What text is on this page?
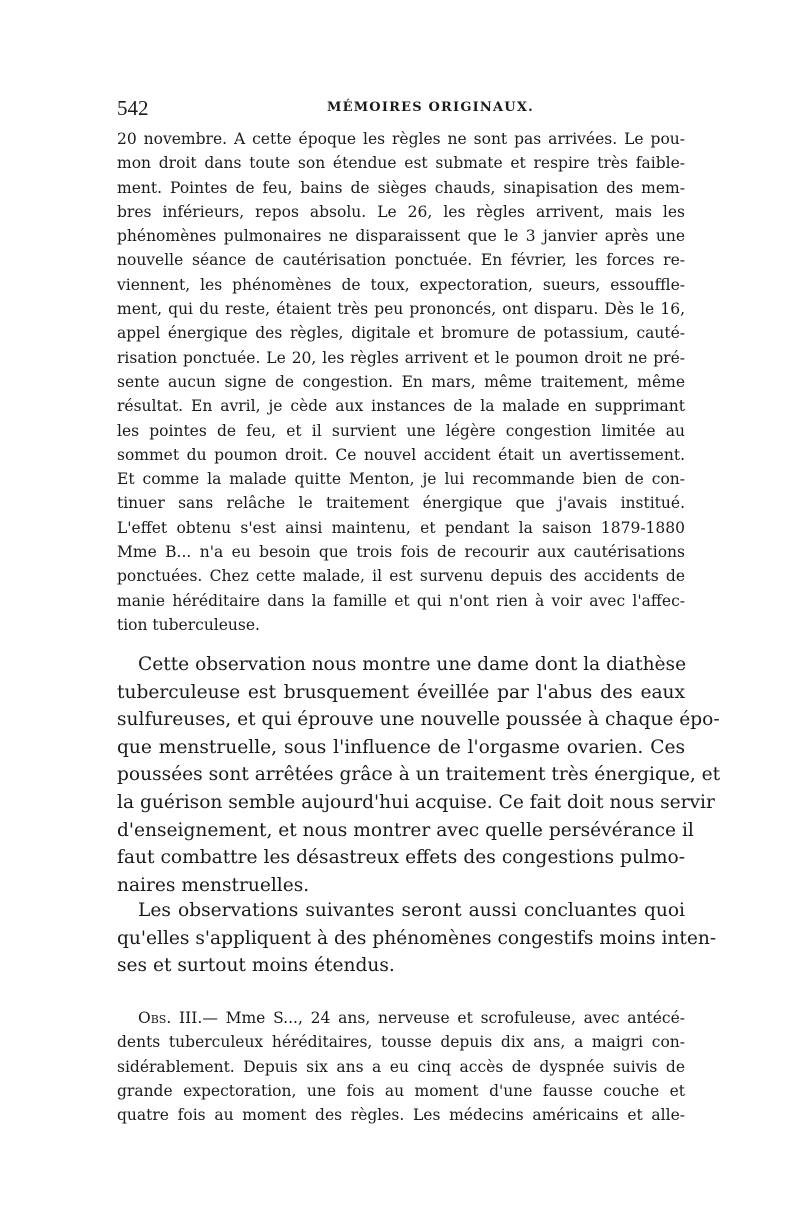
542	MÉMOIRES ORIGINAUX.
20 novembre. A cette époque les règles ne sont pas arrivées. Le pou-
mon droit dans toute son étendue est submate et respire très faible-
ment. Pointes de feu, bains de sièges chauds, sinapisation des mem-
bres inférieurs, repos absolu. Le 26, les règles arrivent, mais les
phénomènes pulmonaires ne disparaissent que le 3 janvier après une
nouvelle séance de cautérisation ponctuée. En février, les forces re-
viennent, les phénomènes de toux, expectoration, sueurs, essouffle-
ment, qui du reste, étaient très peu prononcés, ont disparu. Dès le 16,
appel énergique des règles, digitale et bromure de potassium, cauté-
risation ponctuée. Le 20, les règles arrivent et le poumon droit ne pré-
sente aucun signe de congestion. En mars, même traitement, même
résultat. En avril, je cède aux instances de la malade en supprimant
les pointes de feu, et il survient une légère congestion limitée au
sommet du poumon droit. Ce nouvel accident était un avertissement.
Et comme la malade quitte Menton, je lui recommande bien de con-
tinuer sans relâche le traitement énergique que j'avais institué.
L'effet obtenu s'est ainsi maintenu, et pendant la saison 1879-1880
Mme B... n'a eu besoin que trois fois de recourir aux cautérisations
ponctuées. Chez cette malade, il est survenu depuis des accidents de
manie héréditaire dans la famille et qui n'ont rien à voir avec l'affec-
tion tuberculeuse.
Cette observation nous montre une dame dont la diathèse
tuberculeuse est brusquement éveillée par l'abus des eaux
sulfureuses, et qui éprouve une nouvelle poussée à chaque épo-
que menstruelle, sous l'influence de l'orgasme ovarien. Ces
poussées sont arrêtées grâce à un traitement très énergique, et
la guérison semble aujourd'hui acquise. Ce fait doit nous servir
d'enseignement, et nous montrer avec quelle persévérance il
faut combattre les désastreux effets des congestions pulmo-
naires menstruelles.
Les observations suivantes seront aussi concluantes quoi
qu'elles s'appliquent à des phénomènes congestifs moins inten-
ses et surtout moins étendus.
Obs. III.— Mme S..., 24 ans, nerveuse et scrofuleuse, avec antécé-
dents tuberculeux héréditaires, tousse depuis dix ans, a maigri con-
sidérablement. Depuis six ans a eu cinq accès de dyspnée suivis de
grande expectoration, une fois au moment d'une fausse couche et
quatre fois au moment des règles. Les médecins américains et alle-
